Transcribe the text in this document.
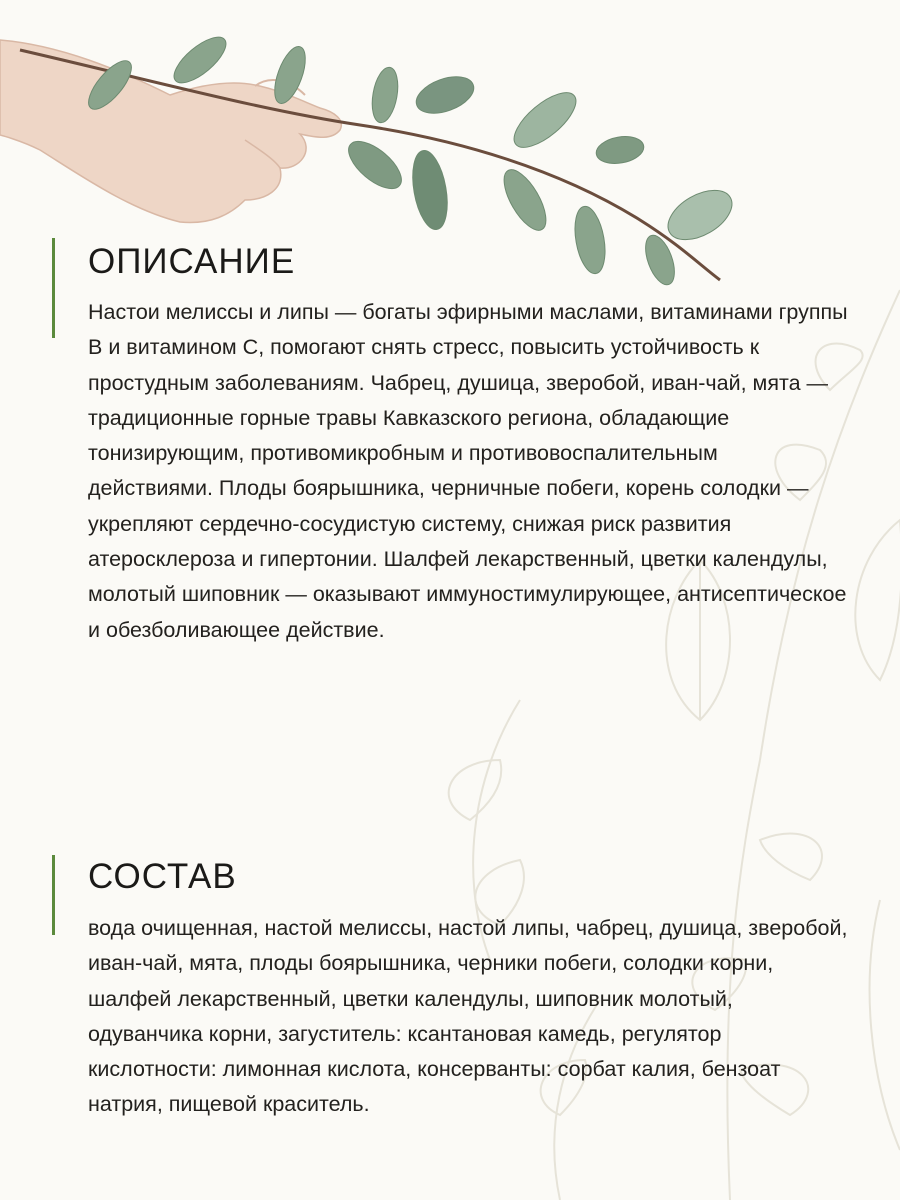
ОПИСАНИЕ

Настои мелиссы и липы — богаты эфирными маслами, витаминами группы В и витамином С, помогают снять стресс, повысить устойчивость к простудным заболеваниям. Чабрец, душица, зверобой, иван-чай, мята — традиционные горные травы Кавказского региона, обладающие тонизирующим, противомикробным и противовоспалительным действиями. Плоды боярышника, черничные побеги, корень солодки — укрепляют сердечно-сосудистую систему, снижая риск развития атеросклероза и гипертонии. Шалфей лекарственный, цветки календулы, молотый шиповник — оказывают иммуностимулирующее, антисептическое и обезболивающее действие.

СОСТАВ

вода очищенная, настой мелиссы, настой липы, чабрец, душица, зверобой, иван-чай, мята, плоды боярышника, черники побеги, солодки корни, шалфей лекарственный, цветки календулы, шиповник молотый, одуванчика корни, загуститель: ксантановая камедь, регулятор кислотности: лимонная кислота, консерванты: сорбат калия, бензоат натрия, пищевой краситель.
